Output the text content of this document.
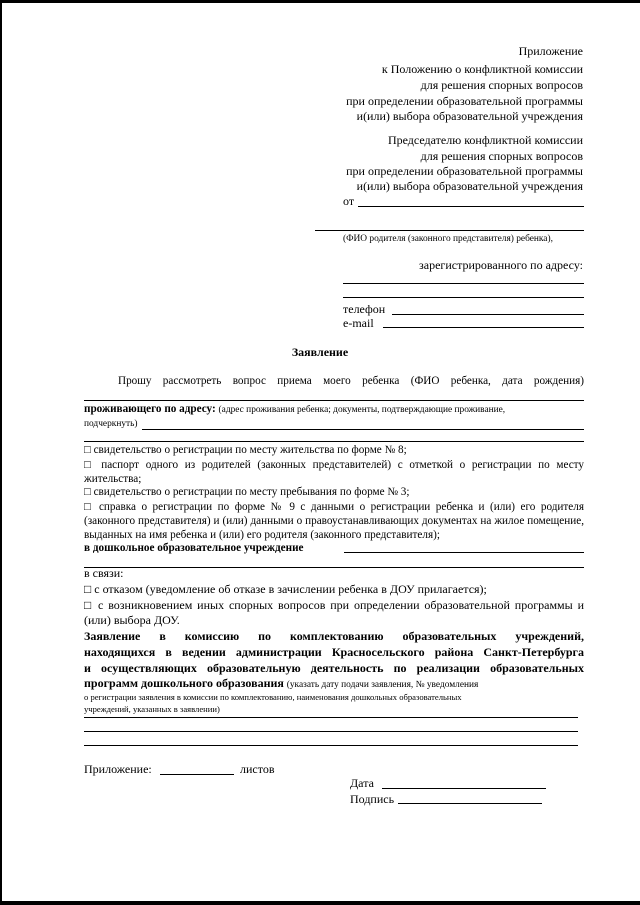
Приложение
к Положению о конфликтной комиссии
для решения спорных вопросов
при определении образовательной программы
и(или) выбора образовательной учреждения
Председателю конфликтной комиссии
для решения спорных вопросов
при определении образовательной программы
и(или) выбора образовательной учреждения
от
(ФИО родителя (законного представителя) ребенка),
зарегистрированного по адресу:
телефон
e-mail
Заявление
Прошу рассмотреть вопрос приема моего ребенка (ФИО ребенка, дата рождения)
проживающего по адресу: (адрес проживания ребенка; документы, подтверждающие проживание,
подчеркнуть)
□ свидетельство о регистрации по месту жительства по форме № 8;
□ паспорт одного из родителей (законных представителей) с отметкой о регистрации по месту жительства;
□ свидетельство о регистрации по месту пребывания по форме № 3;
□ справка о регистрации по форме № 9 с данными о регистрации ребенка и (или) его родителя (законного представителя) и (или) данными о правоустанавливающих документах на жилое помещение, выданных на имя ребенка и (или) его родителя (законного представителя);
в дошкольное образовательное учреждение
в связи:
□ с отказом (уведомление об отказе в зачислении ребенка в ДОУ прилагается);
□ с возникновением иных спорных вопросов при определении образовательной программы и (или) выбора ДОУ.
Заявление в комиссию по комплектованию образовательных учреждений,
находящихся в ведении администрации Красносельского района Санкт-Петербурга
и осуществляющих образовательную деятельность по реализации образовательных
программ дошкольного образования (указать дату подачи заявления, № уведомления
о регистрации заявления в комиссии по комплектованию, наименования дошкольных образовательных
учреждений, указанных в заявлении)
Приложение:	листов
Дата
Подпись
